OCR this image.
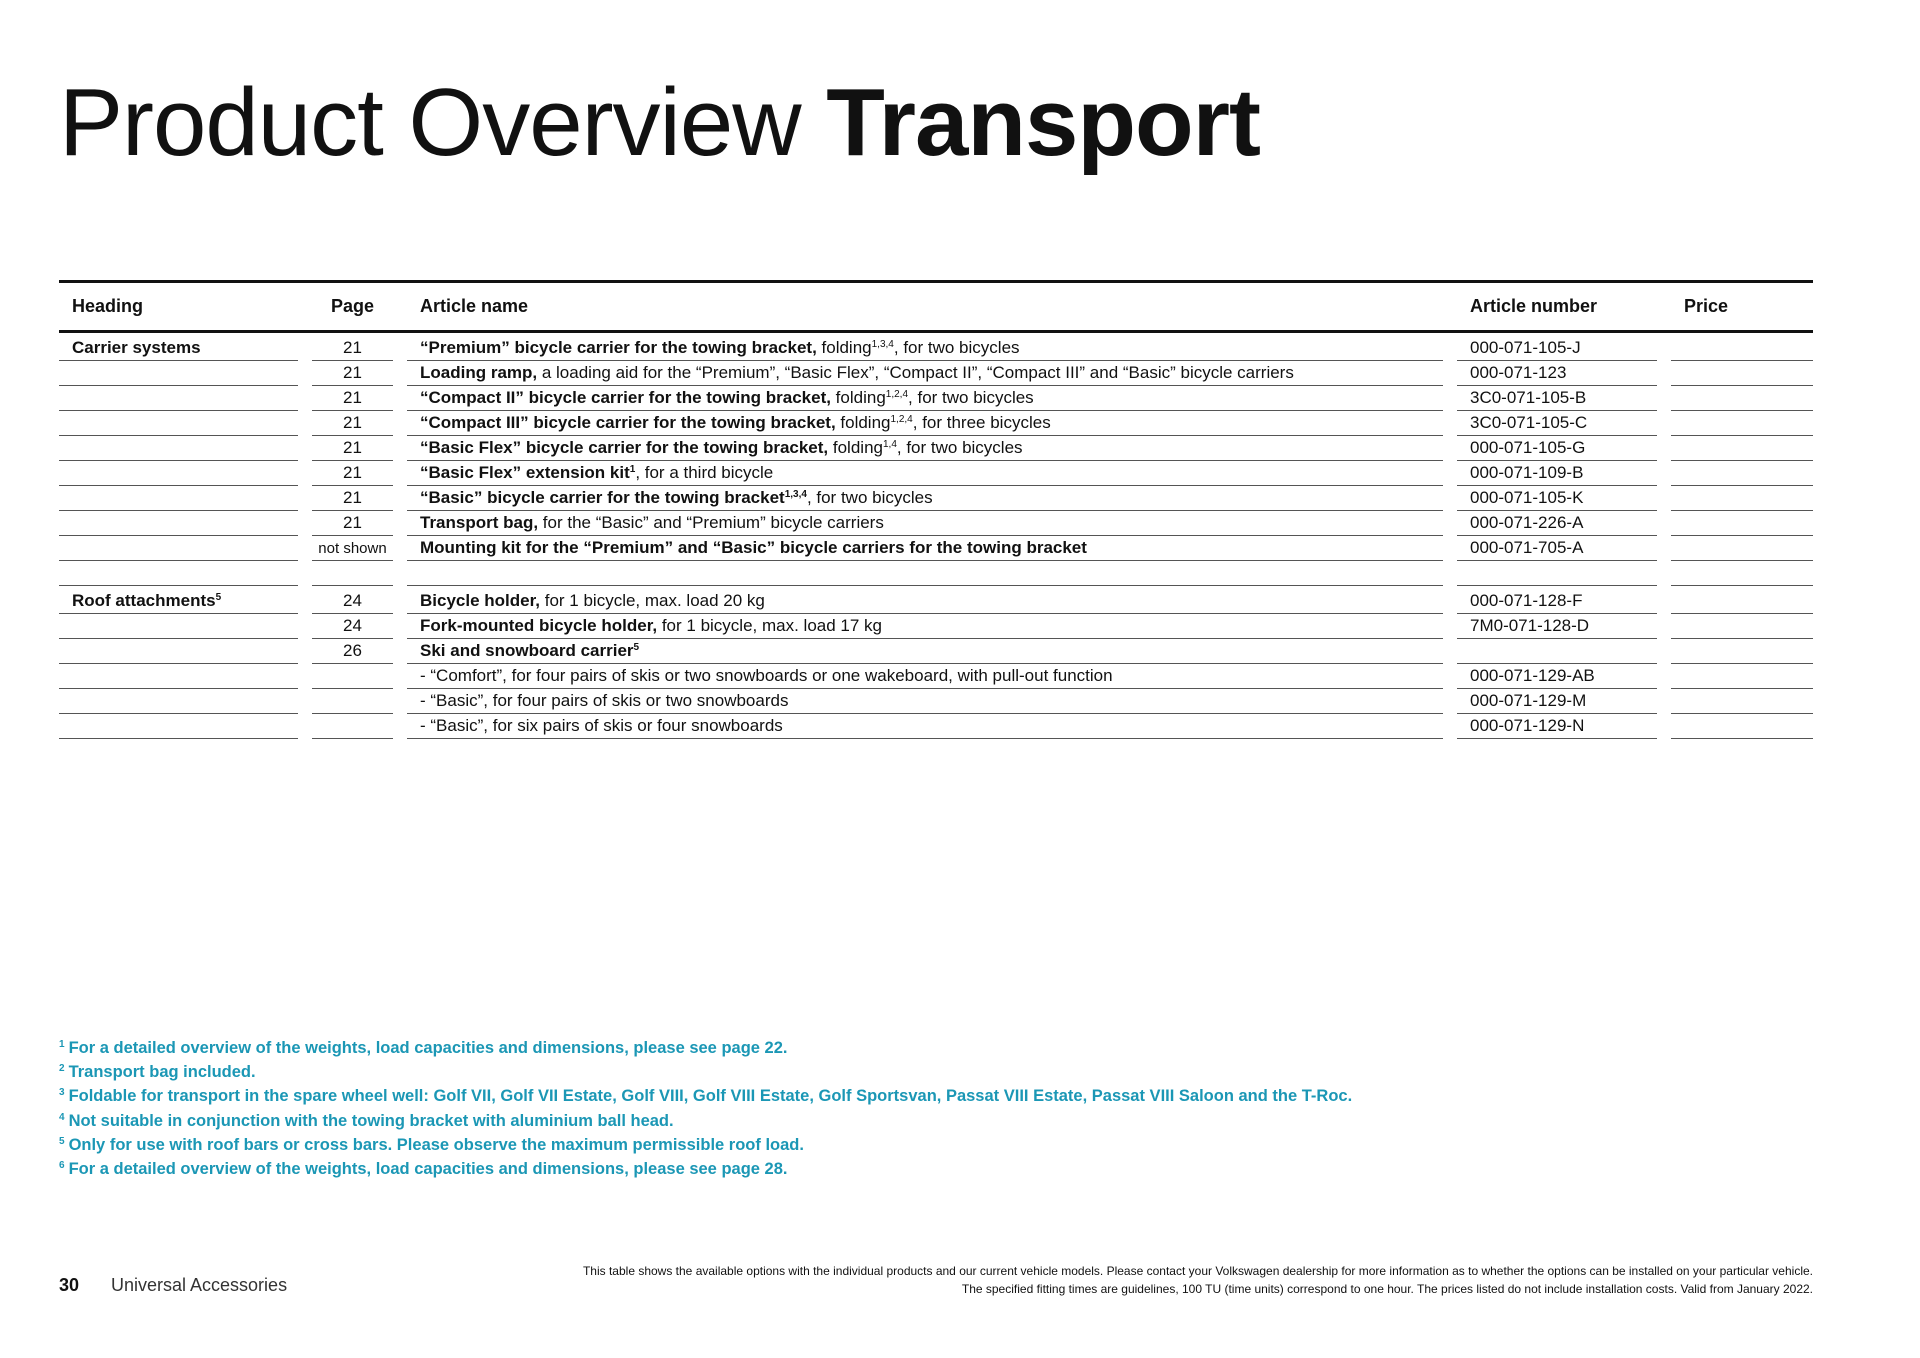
Product Overview Transport
Heading		Page		Article name		Article number		Price
Carrier systems		21		“Premium” bicycle carrier for the towing bracket, folding$^{1,3,4}$, for two bicycles		000-071-105-J		
		21		Loading ramp, a loading aid for the “Premium”, “Basic Flex”, “Compact II”, “Compact III” and “Basic” bicycle carriers		000-071-123		
		21		“Compact II” bicycle carrier for the towing bracket, folding$^{1,2,4}$, for two bicycles		3C0-071-105-B		
		21		“Compact III” bicycle carrier for the towing bracket, folding$^{1,2,4}$, for three bicycles		3C0-071-105-C		
		21		“Basic Flex” bicycle carrier for the towing bracket, folding$^{1,4}$, for two bicycles		000-071-105-G		
		21		“Basic Flex” extension kit$^1$, for a third bicycle		000-071-109-B		
		21		“Basic” bicycle carrier for the towing bracket$^{1,3,4}$, for two bicycles		000-071-105-K		
		21		Transport bag, for the “Basic” and “Premium” bicycle carriers		000-071-226-A		
		not shown		Mounting kit for the “Premium” and “Basic” bicycle carriers for the towing bracket		000-071-705-A		

Roof attachments$^5$		24		Bicycle holder, for 1 bicycle, max. load 20 kg		000-071-128-F		
		24		Fork-mounted bicycle holder, for 1 bicycle, max. load 17 kg		7M0-071-128-D		
		26		Ski and snowboard carrier$^5$				
				- “Comfort”, for four pairs of skis or two snowboards or one wakeboard, with pull-out function		000-071-129-AB		
				- “Basic”, for four pairs of skis or two snowboards		000-071-129-M		
				- “Basic”, for six pairs of skis or four snowboards		000-071-129-N		
$^1$ For a detailed overview of the weights, load capacities and dimensions, please see page 22.
$^2$ Transport bag included.
$^3$ Foldable for transport in the spare wheel well: Golf VII, Golf VII Estate, Golf VIII, Golf VIII Estate, Golf Sportsvan, Passat VIII Estate, Passat VIII Saloon and the T-Roc.
$^4$ Not suitable in conjunction with the towing bracket with aluminium ball head.
$^5$ Only for use with roof bars or cross bars. Please observe the maximum permissible roof load.
$^6$ For a detailed overview of the weights, load capacities and dimensions, please see page 28.
30 Universal Accessories
This table shows the available options with the individual products and our current vehicle models. Please contact your Volkswagen dealership for more information as to whether the options can be installed on your particular vehicle.
The specified fitting times are guidelines, 100 TU (time units) correspond to one hour. The prices listed do not include installation costs. Valid from January 2022.
